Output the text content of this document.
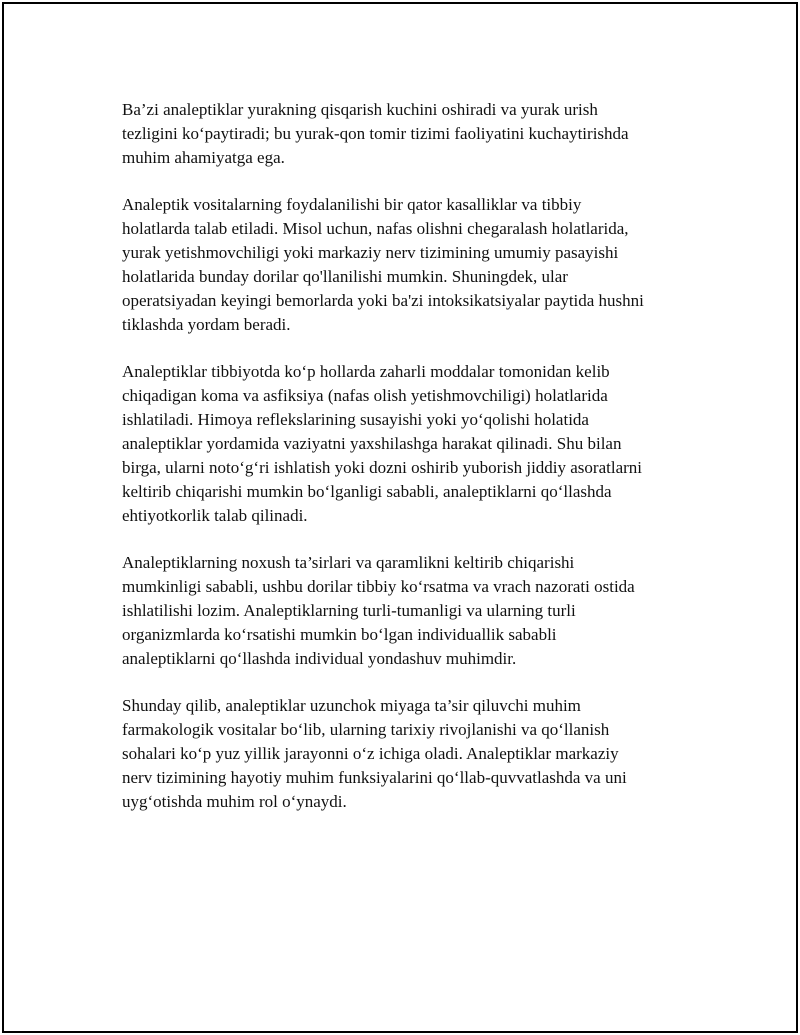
Ba’zi analeptiklar yurakning qisqarish kuchini oshiradi va yurak urish
tezligini koʻpaytiradi; bu yurak-qon tomir tizimi faoliyatini kuchaytirishda
muhim ahamiyatga ega.

Analeptik vositalarning foydalanilishi bir qator kasalliklar va tibbiy
holatlarda talab etiladi. Misol uchun, nafas olishni chegaralash holatlarida,
yurak yetishmovchiligi yoki markaziy nerv tizimining umumiy pasayishi
holatlarida bunday dorilar qo'llanilishi mumkin. Shuningdek, ular
operatsiyadan keyingi bemorlarda yoki ba'zi intoksikatsiyalar paytida hushni
tiklashda yordam beradi.

Analeptiklar tibbiyotda koʻp hollarda zaharli moddalar tomonidan kelib
chiqadigan koma va asfiksiya (nafas olish yetishmovchiligi) holatlarida
ishlatiladi. Himoya reflekslarining susayishi yoki yoʻqolishi holatida
analeptiklar yordamida vaziyatni yaxshilashga harakat qilinadi. Shu bilan
birga, ularni notoʻgʻri ishlatish yoki dozni oshirib yuborish jiddiy asoratlarni
keltirib chiqarishi mumkin boʻlganligi sababli, analeptiklarni qoʻllashda
ehtiyotkorlik talab qilinadi.

Analeptiklarning noxush ta’sirlari va qaramlikni keltirib chiqarishi
mumkinligi sababli, ushbu dorilar tibbiy koʻrsatma va vrach nazorati ostida
ishlatilishi lozim. Analeptiklarning turli-tumanligi va ularning turli
organizmlarda koʻrsatishi mumkin boʻlgan individuallik sababli
analeptiklarni qoʻllashda individual yondashuv muhimdir.

Shunday qilib, analeptiklar uzunchok miyaga ta’sir qiluvchi muhim
farmakologik vositalar boʻlib, ularning tarixiy rivojlanishi va qoʻllanish
sohalari koʻp yuz yillik jarayonni oʻz ichiga oladi. Analeptiklar markaziy
nerv tizimining hayotiy muhim funksiyalarini qoʻllab-quvvatlashda va uni
uygʻotishda muhim rol oʻynaydi.
